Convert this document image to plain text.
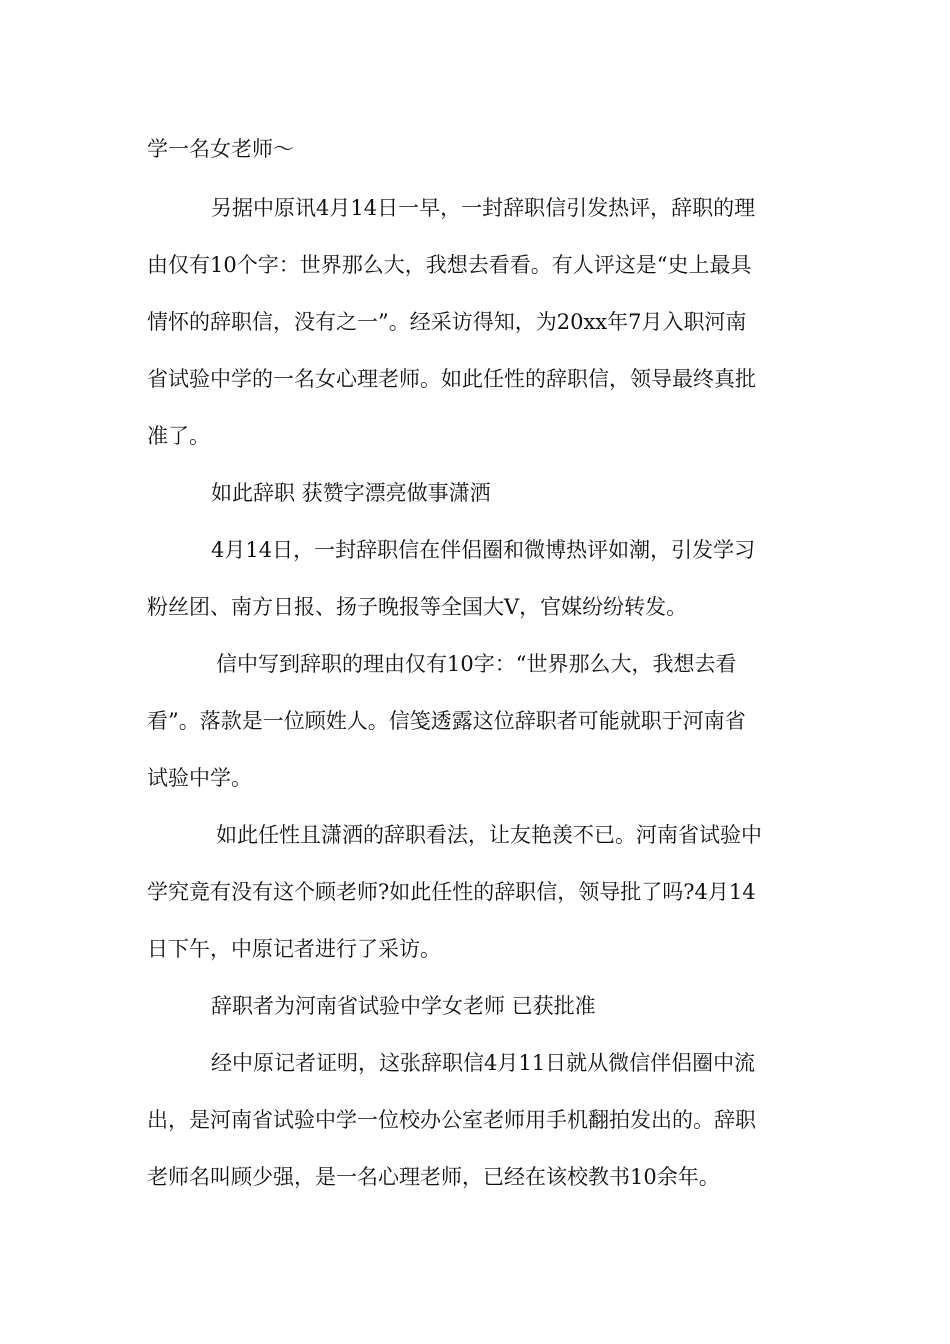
学一名女老师～
另据中原讯4月14日一早，一封辞职信引发热评，辞职的理
由仅有10个字：世界那么大，我想去看看。有人评这是“史上最具
情怀的辞职信，没有之一”。经采访得知，为20xx年7月入职河南
省试验中学的一名女心理老师。如此任性的辞职信，领导最终真批
准了。
如此辞职 获赞字漂亮做事潇洒
4月14日，一封辞职信在伴侣圈和微博热评如潮，引发学习
粉丝团、南方日报、扬子晚报等全国大V，官媒纷纷转发。
信中写到辞职的理由仅有10字：“世界那么大，我想去看
看”。落款是一位顾姓人。信笺透露这位辞职者可能就职于河南省
试验中学。
如此任性且潇洒的辞职看法，让友艳羡不已。河南省试验中
学究竟有没有这个顾老师?如此任性的辞职信，领导批了吗?4月14
日下午，中原记者进行了采访。
辞职者为河南省试验中学女老师 已获批准
经中原记者证明，这张辞职信4月11日就从微信伴侣圈中流
出，是河南省试验中学一位校办公室老师用手机翻拍发出的。辞职
老师名叫顾少强，是一名心理老师，已经在该校教书10余年。
